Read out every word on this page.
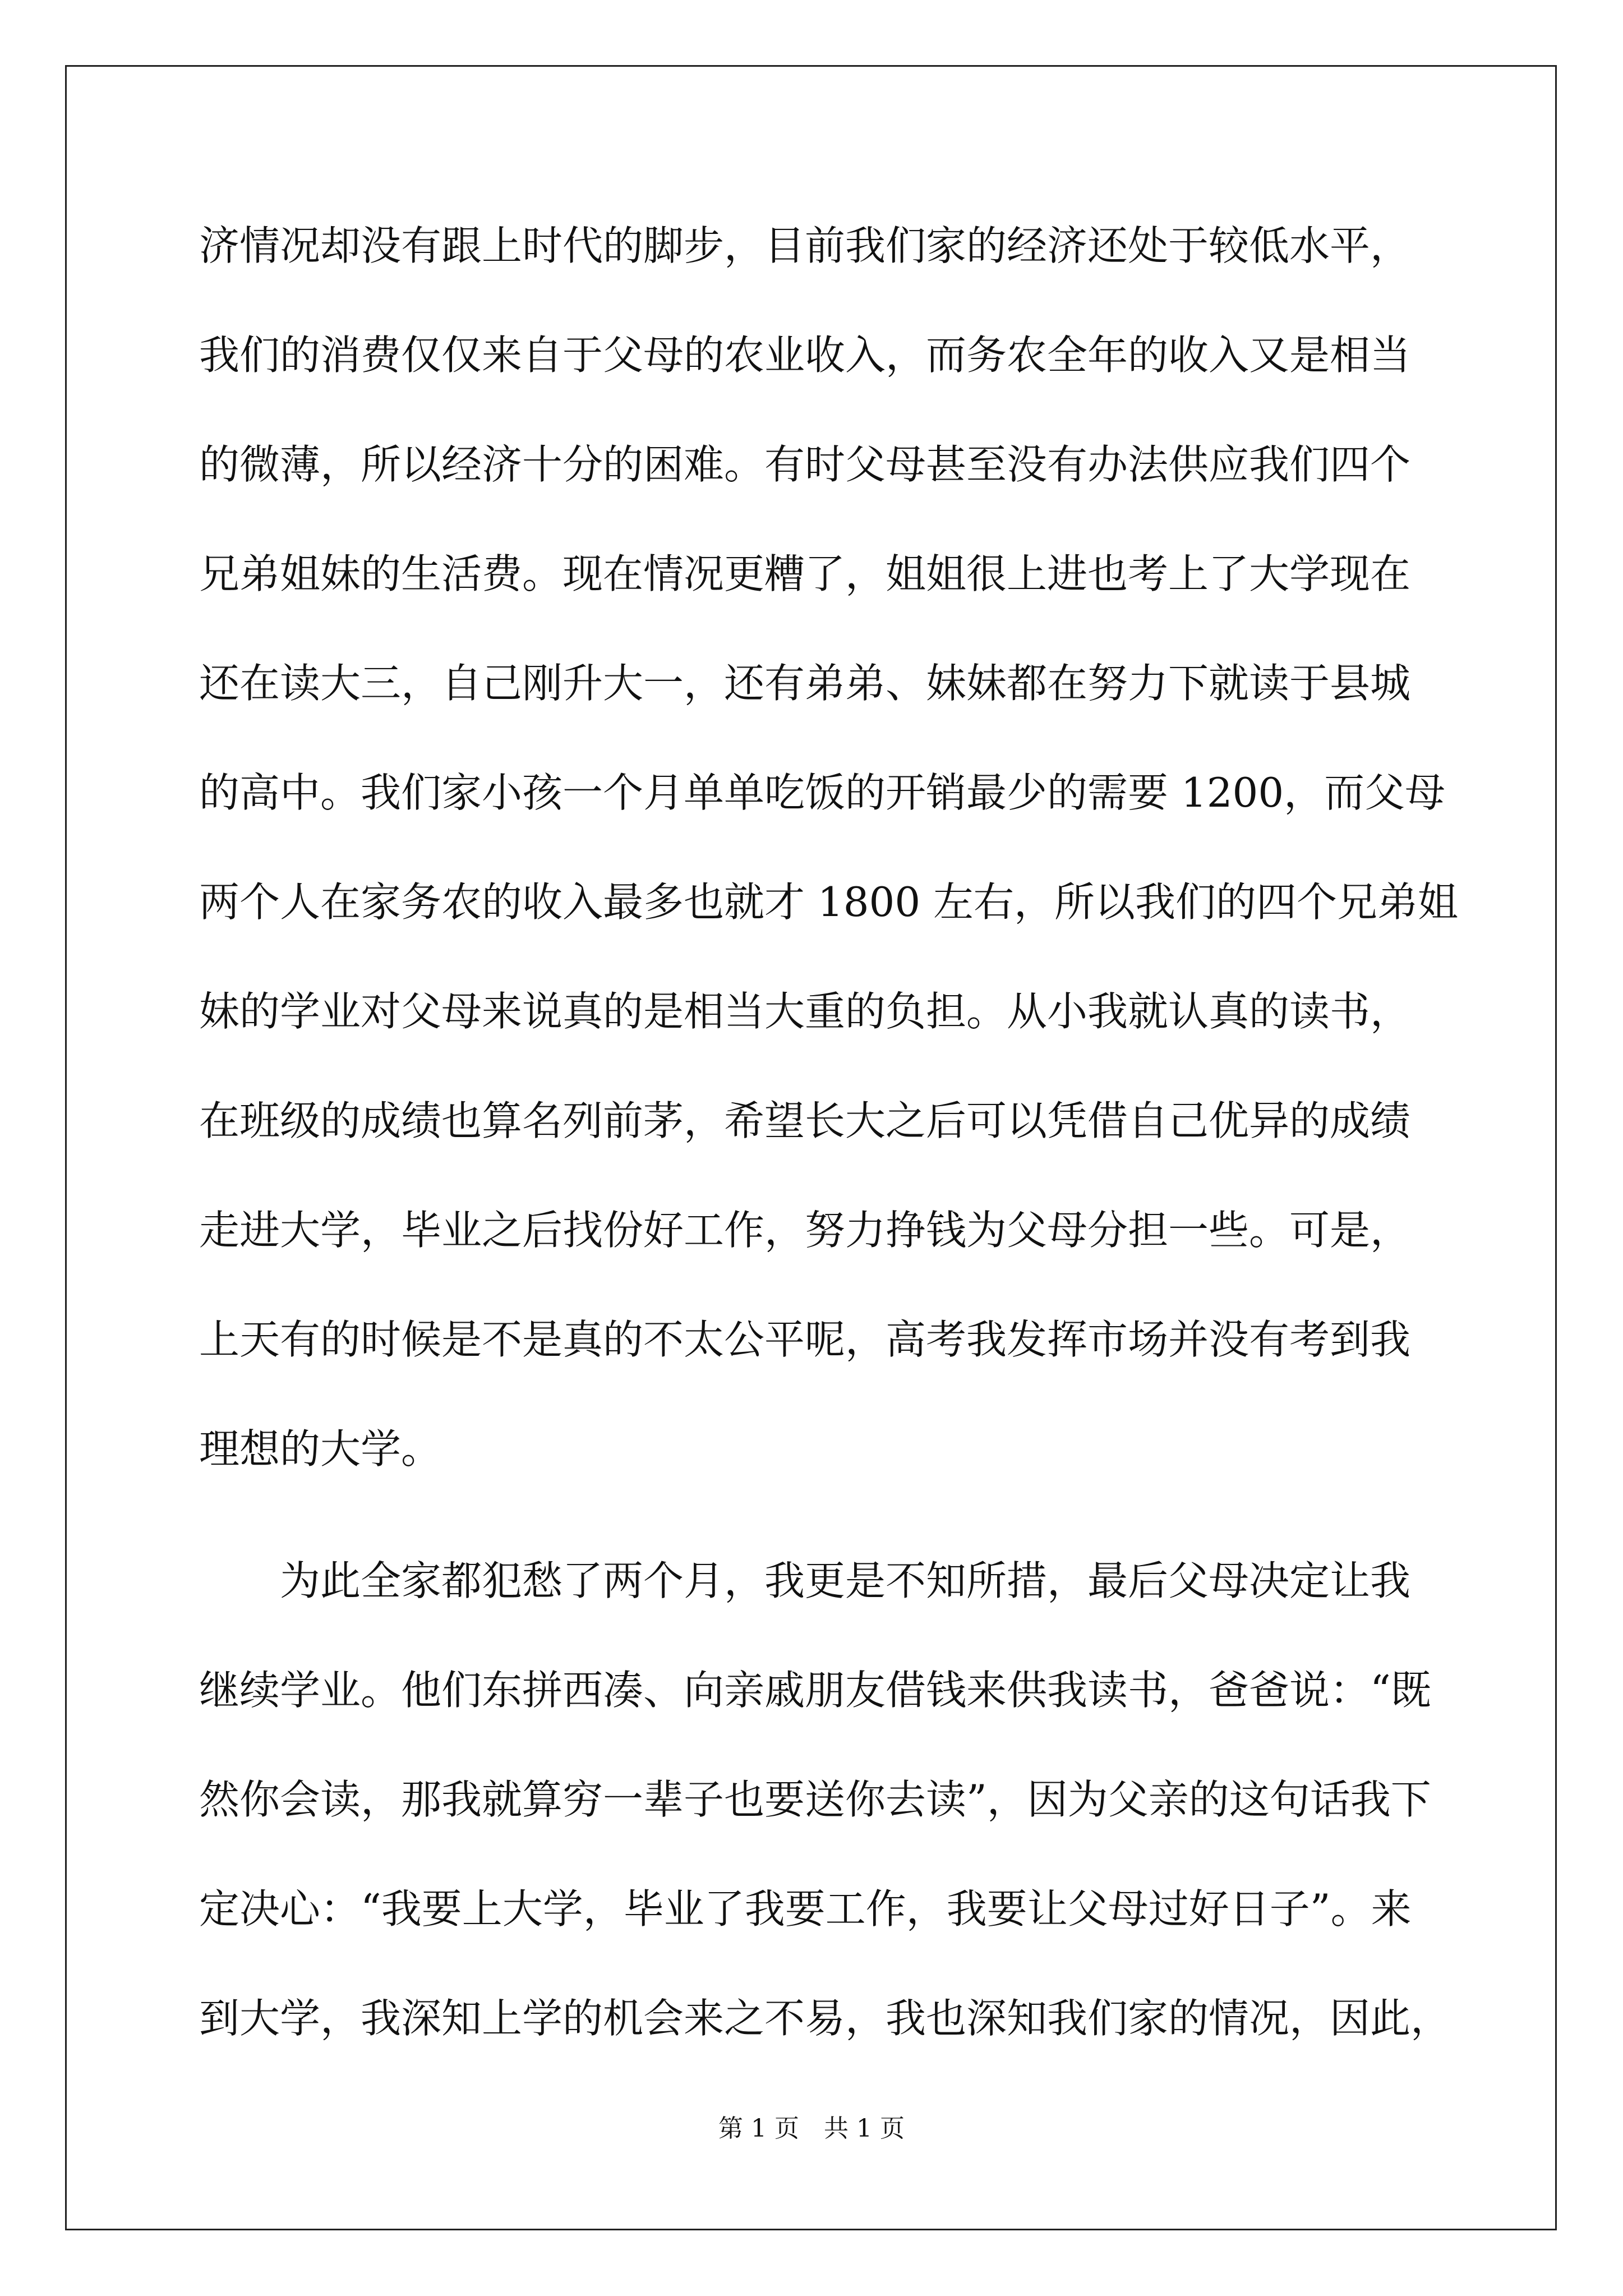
济情况却没有跟上时代的脚步，目前我们家的经济还处于较低水平，
我们的消费仅仅来自于父母的农业收入，而务农全年的收入又是相当
的微薄，所以经济十分的困难。有时父母甚至没有办法供应我们四个
兄弟姐妹的生活费。现在情况更糟了，姐姐很上进也考上了大学现在
还在读大三，自己刚升大一，还有弟弟、妹妹都在努力下就读于县城
的高中。我们家小孩一个月单单吃饭的开销最少的需要 1200，而父母
两个人在家务农的收入最多也就才 1800 左右，所以我们的四个兄弟姐
妹的学业对父母来说真的是相当大重的负担。从小我就认真的读书，
在班级的成绩也算名列前茅，希望长大之后可以凭借自己优异的成绩
走进大学，毕业之后找份好工作，努力挣钱为父母分担一些。可是，
上天有的时候是不是真的不太公平呢，高考我发挥市场并没有考到我
理想的大学。
　　为此全家都犯愁了两个月，我更是不知所措，最后父母决定让我
继续学业。他们东拼西凑、向亲戚朋友借钱来供我读书，爸爸说：“既
然你会读，那我就算穷一辈子也要送你去读”，因为父亲的这句话我下
定决心：“我要上大学，毕业了我要工作，我要让父母过好日子”。来
到大学，我深知上学的机会来之不易，我也深知我们家的情况，因此，
第 1 页　共 1 页
